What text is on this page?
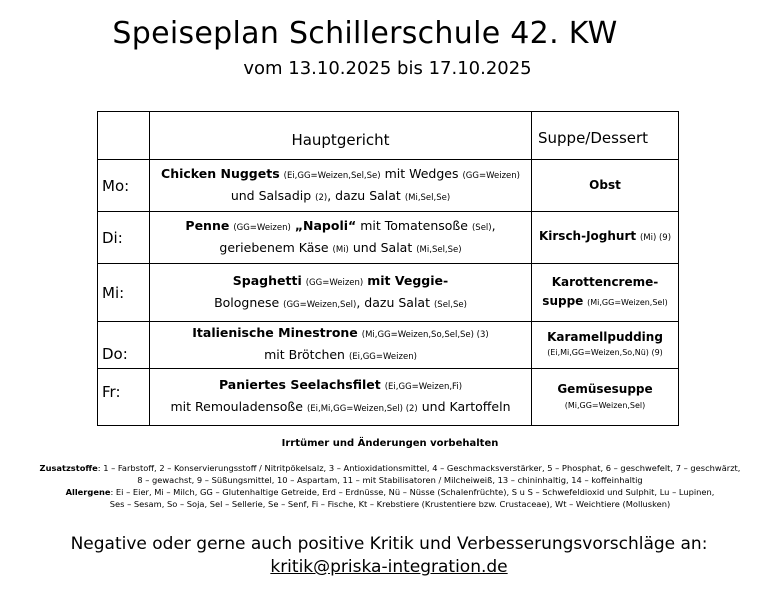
Speiseplan Schillerschule 42. KW
vom 13.10.2025 bis 17.10.2025
	Hauptgericht	Suppe/Dessert
Mo:	Chicken Nuggets (Ei,GG=Weizen,Sel,Se) mit Wedges (GG=Weizen)
und Salsadip (2), dazu Salat (Mi,Sel,Se)	Obst
Di:	Penne (GG=Weizen) „Napoli“ mit Tomatensoße (Sel),
geriebenem Käse (Mi) und Salat (Mi,Sel,Se)	Kirsch-Joghurt (Mi) (9)
Mi:	Spaghetti (GG=Weizen) mit Veggie-
Bolognese (GG=Weizen,Sel), dazu Salat (Sel,Se)	Karottencreme-
suppe (Mi,GG=Weizen,Sel)
Do:	Italienische Minestrone (Mi,GG=Weizen,So,Sel,Se) (3)
mit Brötchen (Ei,GG=Weizen)	Karamellpudding
(Ei,Mi,GG=Weizen,So,Nü) (9)
Fr:	Paniertes Seelachsfilet (Ei,GG=Weizen,Fi)
mit Remouladensoße (Ei,Mi,GG=Weizen,Sel) (2) und Kartoffeln	Gemüsesuppe
(Mi,GG=Weizen,Sel)
Irrtümer und Änderungen vorbehalten
Zusatzstoffe: 1 – Farbstoff, 2 – Konservierungsstoff / Nitritpökelsalz, 3 – Antioxidationsmittel, 4 – Geschmacksverstärker, 5 – Phosphat, 6 – geschwefelt, 7 – geschwärzt,
8 – gewachst, 9 – Süßungsmittel, 10 – Aspartam, 11 – mit Stabilisatoren / Milcheiweiß, 13 – chininhaltig, 14 – koffeinhaltig
Allergene: Ei – Eier, Mi – Milch, GG – Glutenhaltige Getreide, Erd – Erdnüsse, Nü – Nüsse (Schalenfrüchte), S u S – Schwefeldioxid und Sulphit, Lu – Lupinen,
Ses – Sesam, So – Soja, Sel – Sellerie, Se – Senf, Fi – Fische, Kt – Krebstiere (Krustentiere bzw. Crustaceae), Wt – Weichtiere (Mollusken)
Negative oder gerne auch positive Kritik und Verbesserungsvorschläge an:
kritik@priska-integration.de
